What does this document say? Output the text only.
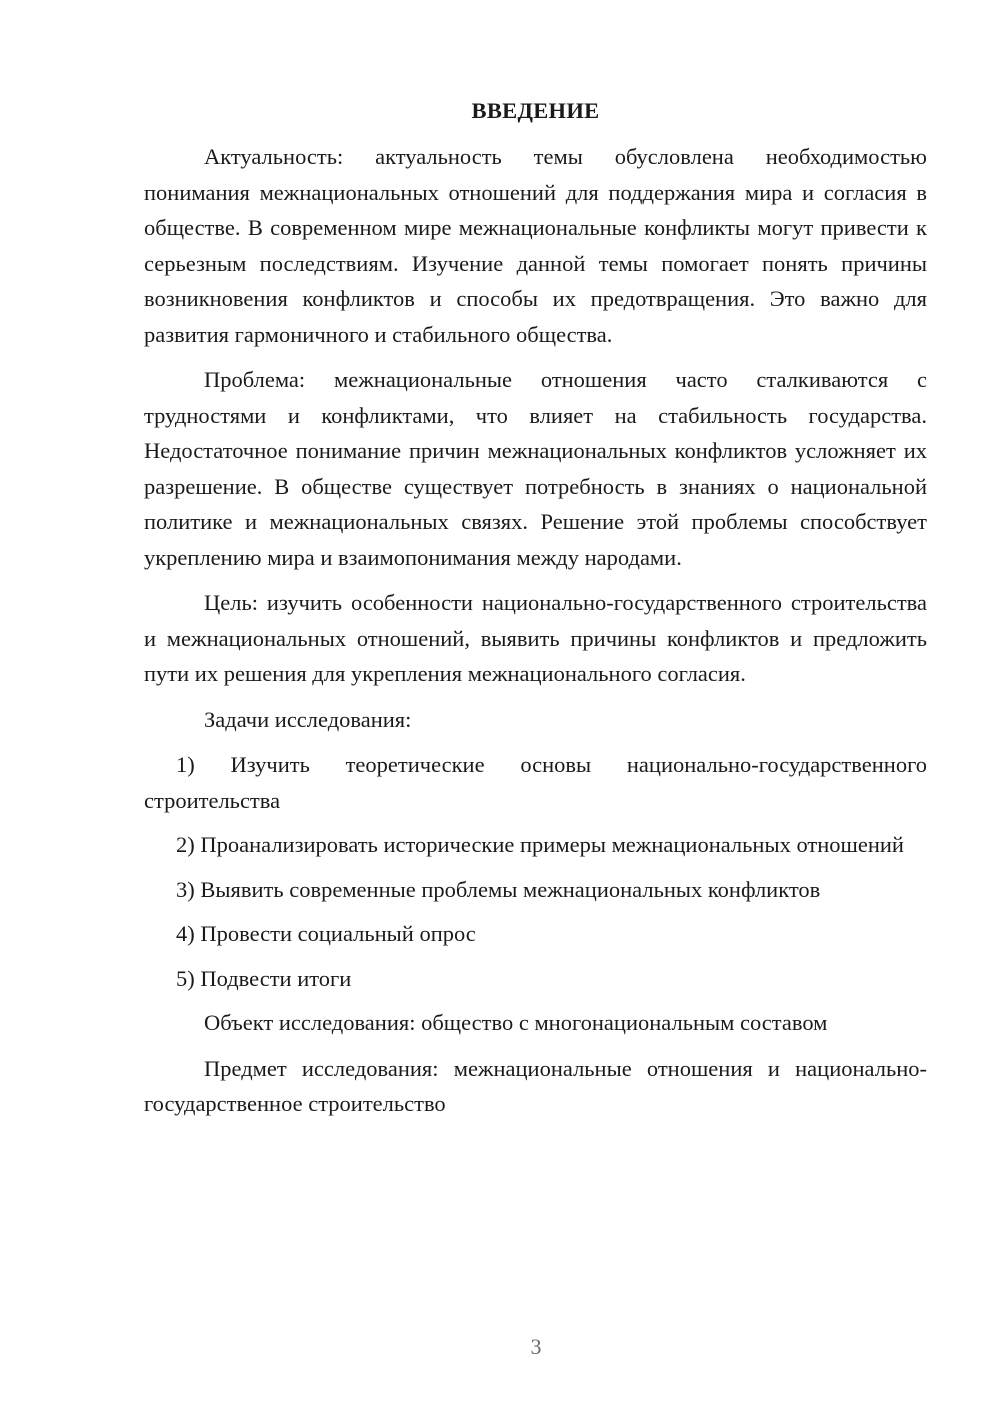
ВВЕДЕНИЕ

Актуальность: актуальность темы обусловлена необходимостью понимания межнациональных отношений для поддержания мира и согласия в обществе. В современном мире межнациональные конфликты могут привести к серьезным последствиям. Изучение данной темы помогает понять причины возникновения конфликтов и способы их предотвращения. Это важно для развития гармоничного и стабильного общества.

Проблема: межнациональные отношения часто сталкиваются с трудностями и конфликтами, что влияет на стабильность государства. Недостаточное понимание причин межнациональных конфликтов усложняет их разрешение. В обществе существует потребность в знаниях о национальной политике и межнациональных связях. Решение этой проблемы способствует укреплению мира и взаимопонимания между народами.

Цель: изучить особенности национально-государственного строительства и межнациональных отношений, выявить причины конфликтов и предложить пути их решения для укрепления межнационального согласия.

Задачи исследования:

1) Изучить теоретические основы национально-государственного строительства

2) Проанализировать исторические примеры межнациональных отношений

3) Выявить современные проблемы межнациональных конфликтов

4) Провести социальный опрос

5) Подвести итоги

Объект исследования: общество с многонациональным составом

Предмет исследования: межнациональные отношения и национально-государственное строительство

3
